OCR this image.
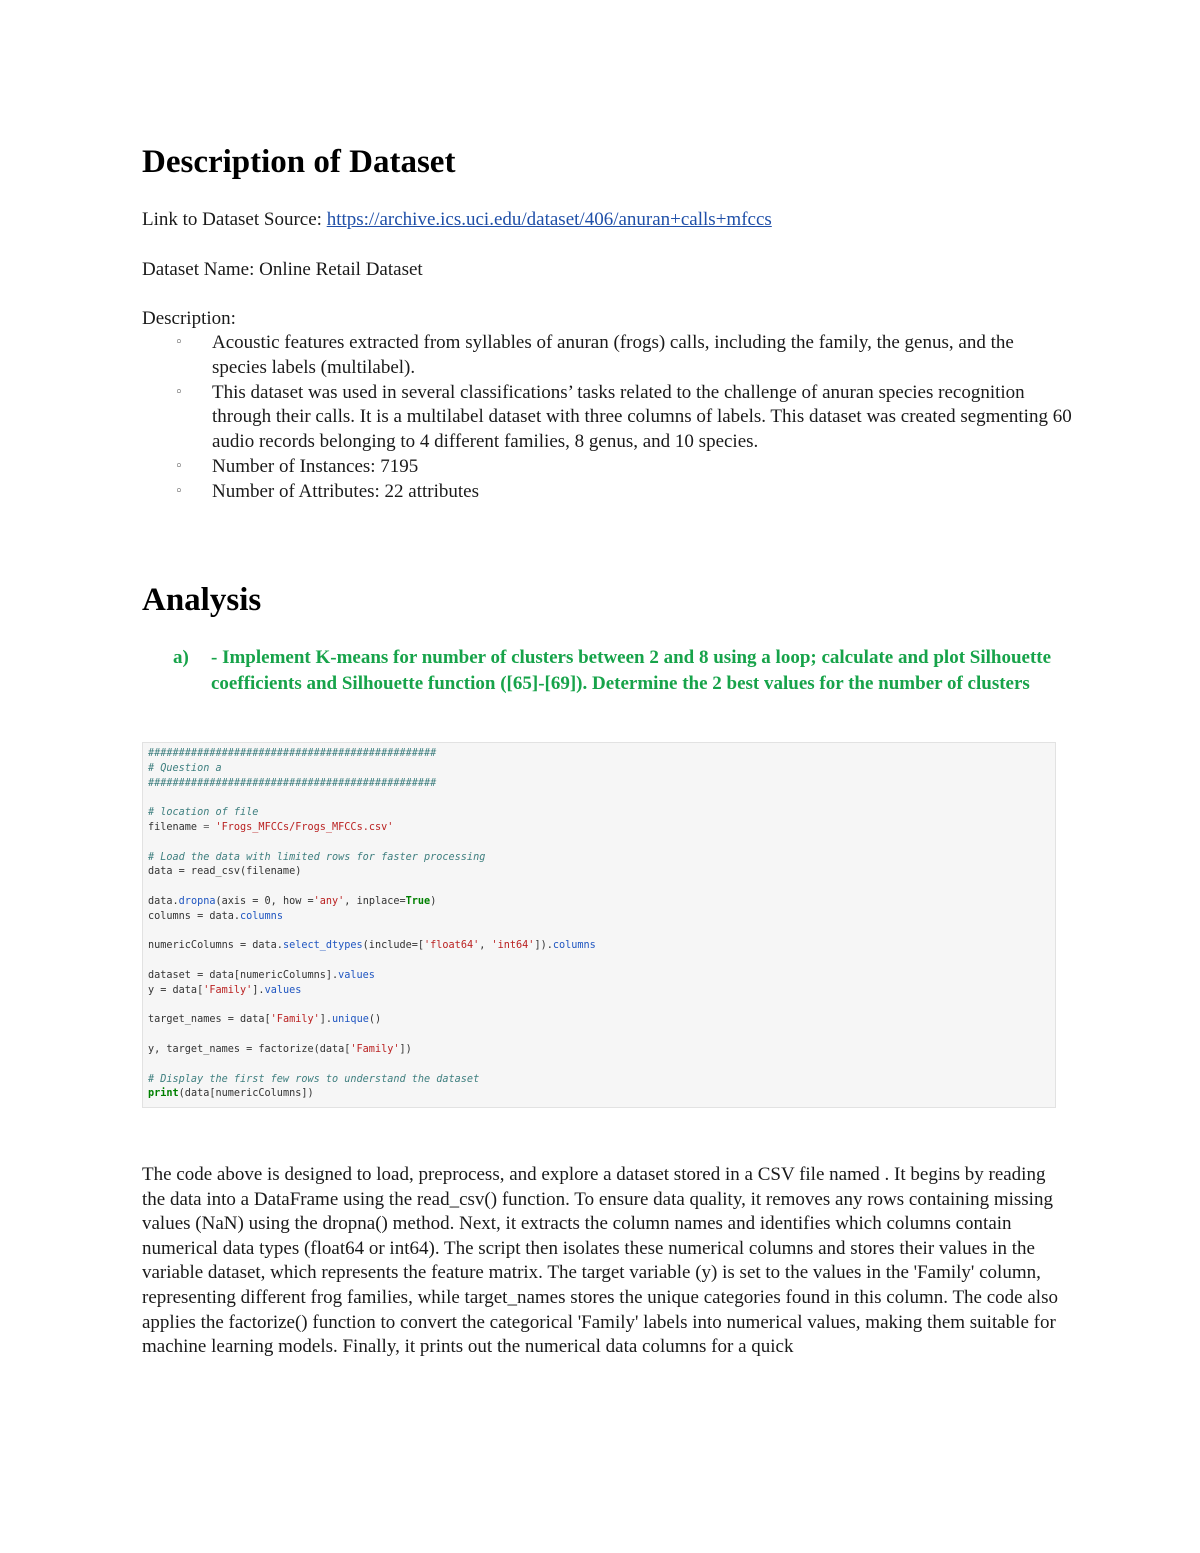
Description of Dataset

Link to Dataset Source: https://archive.ics.uci.edu/dataset/406/anuran+calls+mfccs

Dataset Name: Online Retail Dataset

Description:

◦ Acoustic features extracted from syllables of anuran (frogs) calls, including the family, the genus, and the species labels (multilabel).
◦ This dataset was used in several classifications’ tasks related to the challenge of anuran species recognition through their calls. It is a multilabel dataset with three columns of labels. This dataset was created segmenting 60 audio records belonging to 4 different families, 8 genus, and 10 species.
◦ Number of Instances: 7195
◦ Number of Attributes: 22 attributes
Analysis

a)	- Implement K-means for number of clusters between 2 and 8 using a loop; calculate and plot Silhouette coefficients and Silhouette function ([65]-[69]). Determine the 2 best values for the number of clusters

###############################################
# Question a
###############################################

# location of file
filename = 'Frogs_MFCCs/Frogs_MFCCs.csv'

# Load the data with limited rows for faster processing
data = read_csv(filename)

data.dropna(axis = 0, how ='any', inplace=True)
columns = data.columns

numericColumns = data.select_dtypes(include=['float64', 'int64']).columns

dataset = data[numericColumns].values
y = data['Family'].values

target_names = data['Family'].unique()

y, target_names = factorize(data['Family'])

# Display the first few rows to understand the dataset
print(data[numericColumns])

The code above is designed to load, preprocess, and explore a dataset stored in a CSV file named . It begins by reading the data into a DataFrame using the read_csv() function. To ensure data quality, it removes any rows containing missing values (NaN) using the dropna() method. Next, it extracts the column names and identifies which columns contain numerical data types (float64 or int64). The script then isolates these numerical columns and stores their values in the variable dataset, which represents the feature matrix. The target variable (y) is set to the values in the 'Family' column, representing different frog families, while target_names stores the unique categories found in this column. The code also applies the factorize() function to convert the categorical 'Family' labels into numerical values, making them suitable for machine learning models. Finally, it prints out the numerical data columns for a quick
